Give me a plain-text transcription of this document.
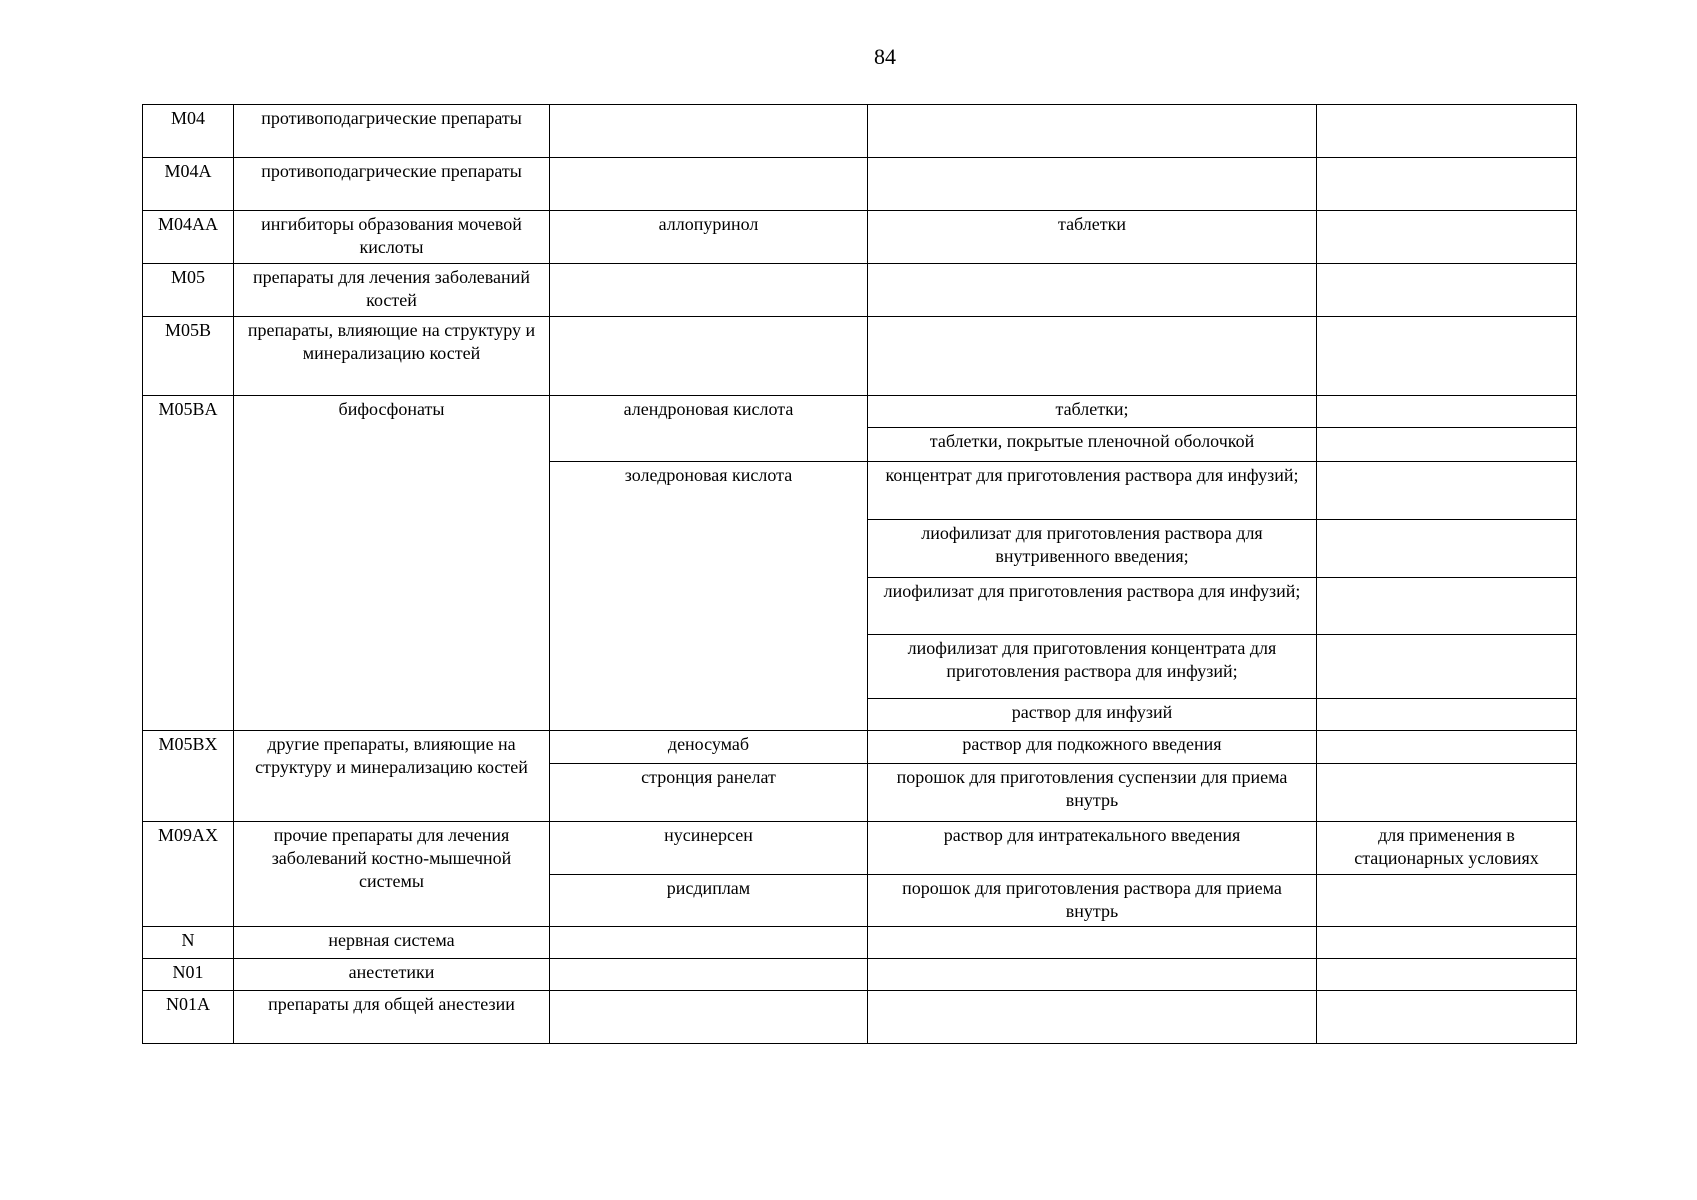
84
M04	противоподагрические препараты			
M04A	противоподагрические препараты			
M04AA	ингибиторы образования мочевой кислоты	аллопуринол	таблетки	
M05	препараты для лечения заболеваний костей			
M05B	препараты, влияющие на структуру и минерализацию костей			
M05BA	бифосфонаты	алендроновая кислота	таблетки;	
			таблетки, покрытые пленочной оболочкой	
		золедроновая кислота	концентрат для приготовления раствора для инфузий;	
			лиофилизат для приготовления раствора для внутривенного введения;	
			лиофилизат для приготовления раствора для инфузий;	
			лиофилизат для приготовления концентрата для приготовления раствора для инфузий;	
			раствор для инфузий	
M05BX	другие препараты, влияющие на структуру и минерализацию костей	деносумаб	раствор для подкожного введения	
		стронция ранелат	порошок для приготовления суспензии для приема внутрь	
M09AX	прочие препараты для лечения заболеваний костно-мышечной системы	нусинерсен	раствор для интратекального введения	для применения в стационарных условиях
		рисдиплам	порошок для приготовления раствора для приема внутрь	
N	нервная система			
N01	анестетики			
N01A	препараты для общей анестезии			
